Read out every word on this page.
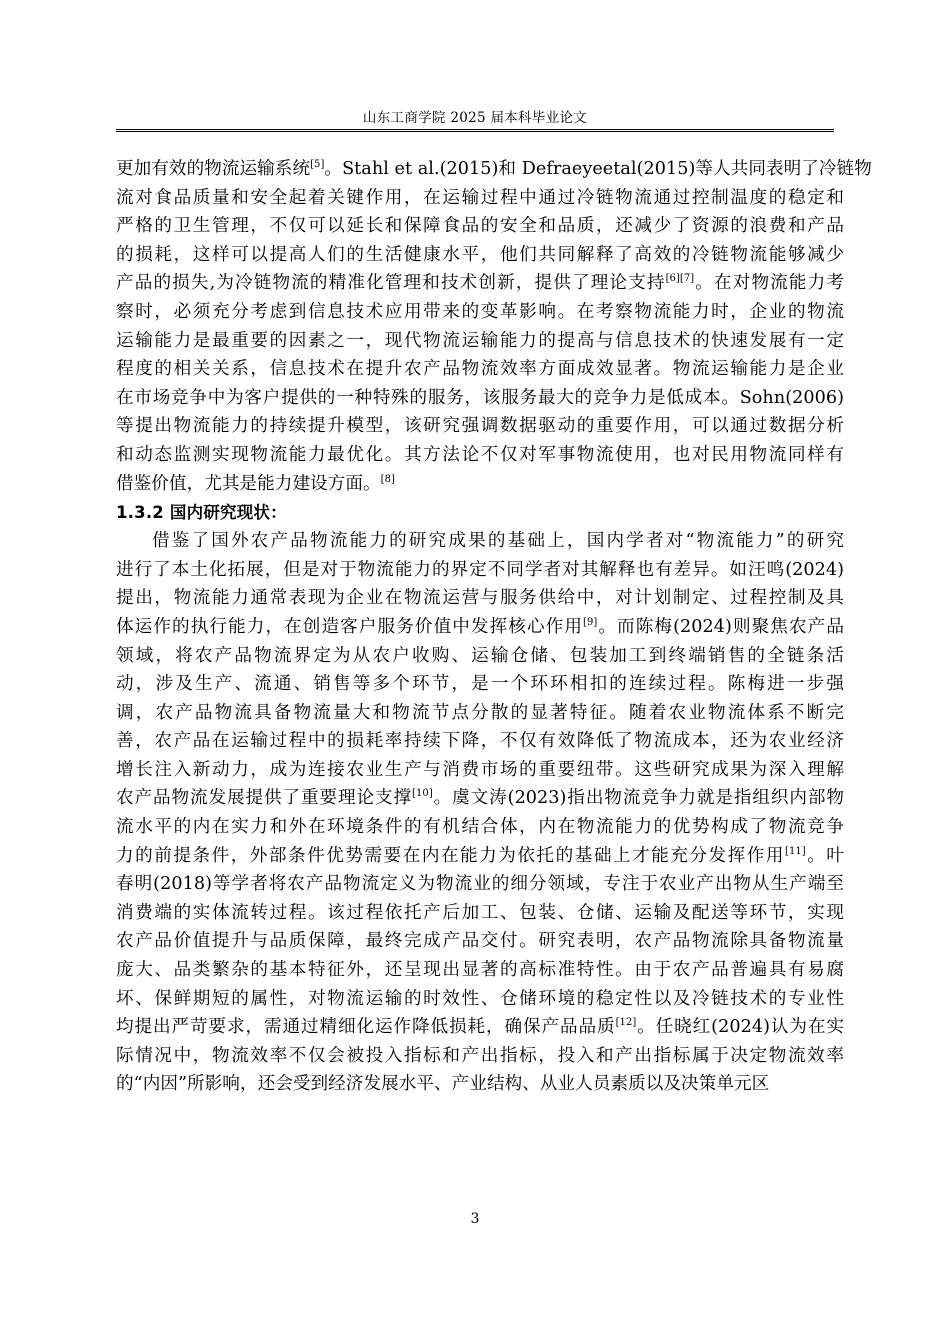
山东工商学院 2025 届本科毕业论文
更加有效的物流运输系统[5]。Stahl et al.(2015)和 Defraeyeetal(2015)等人共同表明了冷链物
流对食品质量和安全起着关键作用，在运输过程中通过冷链物流通过控制温度的稳定和
严格的卫生管理，不仅可以延长和保障食品的安全和品质，还减少了资源的浪费和产品
的损耗，这样可以提高人们的生活健康水平，他们共同解释了高效的冷链物流能够减少
产品的损失,为冷链物流的精准化管理和技术创新，提供了理论支持[6][7]。在对物流能力考
察时，必须充分考虑到信息技术应用带来的变革影响。在考察物流能力时，企业的物流
运输能力是最重要的因素之一，现代物流运输能力的提高与信息技术的快速发展有一定
程度的相关关系，信息技术在提升农产品物流效率方面成效显著。物流运输能力是企业
在市场竞争中为客户提供的一种特殊的服务，该服务最大的竞争力是低成本。Sohn(2006)
等提出物流能力的持续提升模型，该研究强调数据驱动的重要作用，可以通过数据分析
和动态监测实现物流能力最优化。其方法论不仅对军事物流使用，也对民用物流同样有
借鉴价值，尤其是能力建设方面。[8]
1.3.2 国内研究现状：
借鉴了国外农产品物流能力的研究成果的基础上，国内学者对“物流能力”的研究
进行了本土化拓展，但是对于物流能力的界定不同学者对其解释也有差异。如汪鸣(2024)
提出，物流能力通常表现为企业在物流运营与服务供给中，对计划制定、过程控制及具
体运作的执行能力，在创造客户服务价值中发挥核心作用[9]。而陈梅(2024)则聚焦农产品
领域，将农产品物流界定为从农户收购、运输仓储、包装加工到终端销售的全链条活
动，涉及生产、流通、销售等多个环节，是一个环环相扣的连续过程。陈梅进一步强
调，农产品物流具备物流量大和物流节点分散的显著特征。随着农业物流体系不断完
善，农产品在运输过程中的损耗率持续下降，不仅有效降低了物流成本，还为农业经济
增长注入新动力，成为连接农业生产与消费市场的重要纽带。这些研究成果为深入理解
农产品物流发展提供了重要理论支撑[10]。虞文涛(2023)指出物流竞争力就是指组织内部物
流水平的内在实力和外在环境条件的有机结合体，内在物流能力的优势构成了物流竞争
力的前提条件，外部条件优势需要在内在能力为依托的基础上才能充分发挥作用[11]。叶
春明(2018)等学者将农产品物流定义为物流业的细分领域，专注于农业产出物从生产端至
消费端的实体流转过程。该过程依托产后加工、包装、仓储、运输及配送等环节，实现
农产品价值提升与品质保障，最终完成产品交付。研究表明，农产品物流除具备物流量
庞大、品类繁杂的基本特征外，还呈现出显著的高标准特性。由于农产品普遍具有易腐
坏、保鲜期短的属性，对物流运输的时效性、仓储环境的稳定性以及冷链技术的专业性
均提出严苛要求，需通过精细化运作降低损耗，确保产品品质[12]。任晓红(2024)认为在实
际情况中，物流效率不仅会被投入指标和产出指标，投入和产出指标属于决定物流效率
的“内因”所影响，还会受到经济发展水平、产业结构、从业人员素质以及决策单元区
3
